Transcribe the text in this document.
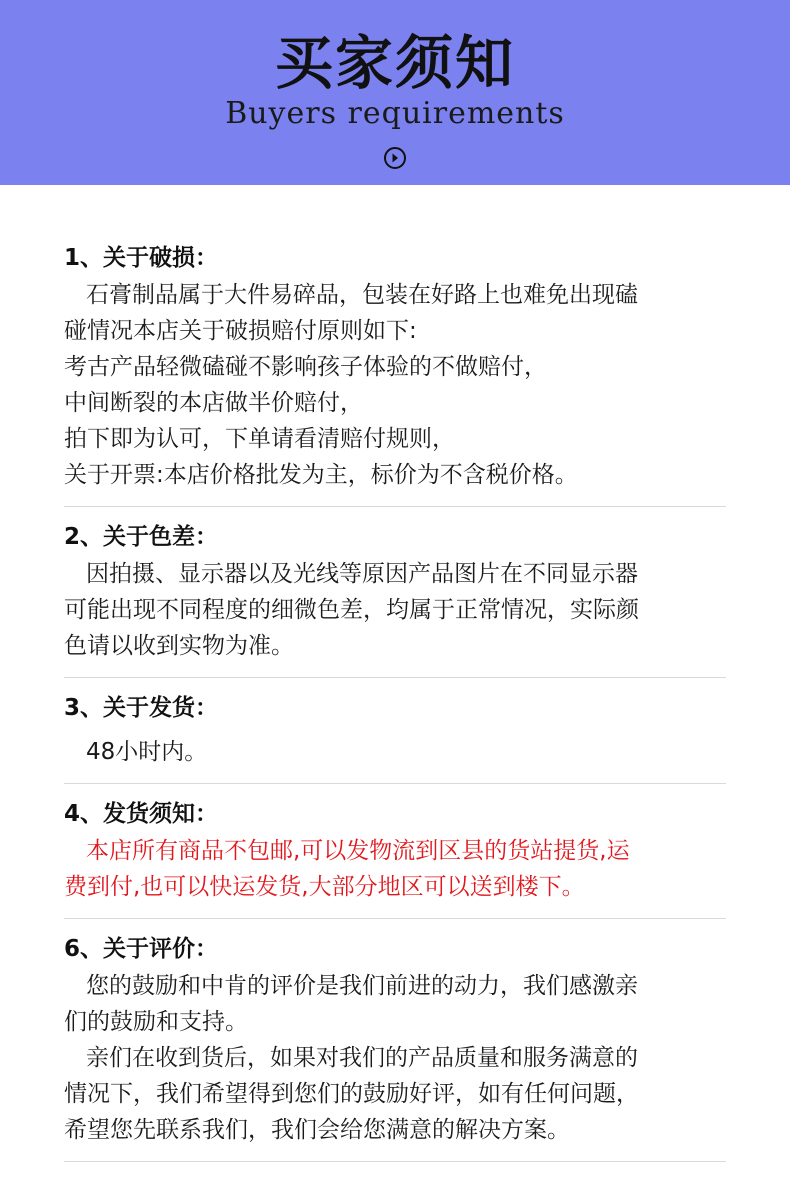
买家须知
Buyers requirements
1、关于破损：
石膏制品属于大件易碎品，包装在好路上也难免出现磕
碰情况本店关于破损赔付原则如下:
考古产品轻微磕碰不影响孩子体验的不做赔付，
中间断裂的本店做半价赔付，
拍下即为认可，下单请看清赔付规则，
关于开票:本店价格批发为主，标价为不含税价格。
2、关于色差：
因拍摄、显示器以及光线等原因产品图片在不同显示器
可能出现不同程度的细微色差，均属于正常情况，实际颜
色请以收到实物为准。
3、关于发货：
48小时内。
4、发货须知：
本店所有商品不包邮,可以发物流到区县的货站提货,运
费到付,也可以快运发货,大部分地区可以送到楼下。
6、关于评价：
您的鼓励和中肯的评价是我们前进的动力，我们感激亲
们的鼓励和支持。
亲们在收到货后，如果对我们的产品质量和服务满意的
情况下，我们希望得到您们的鼓励好评，如有任何问题，
希望您先联系我们，我们会给您满意的解决方案。
